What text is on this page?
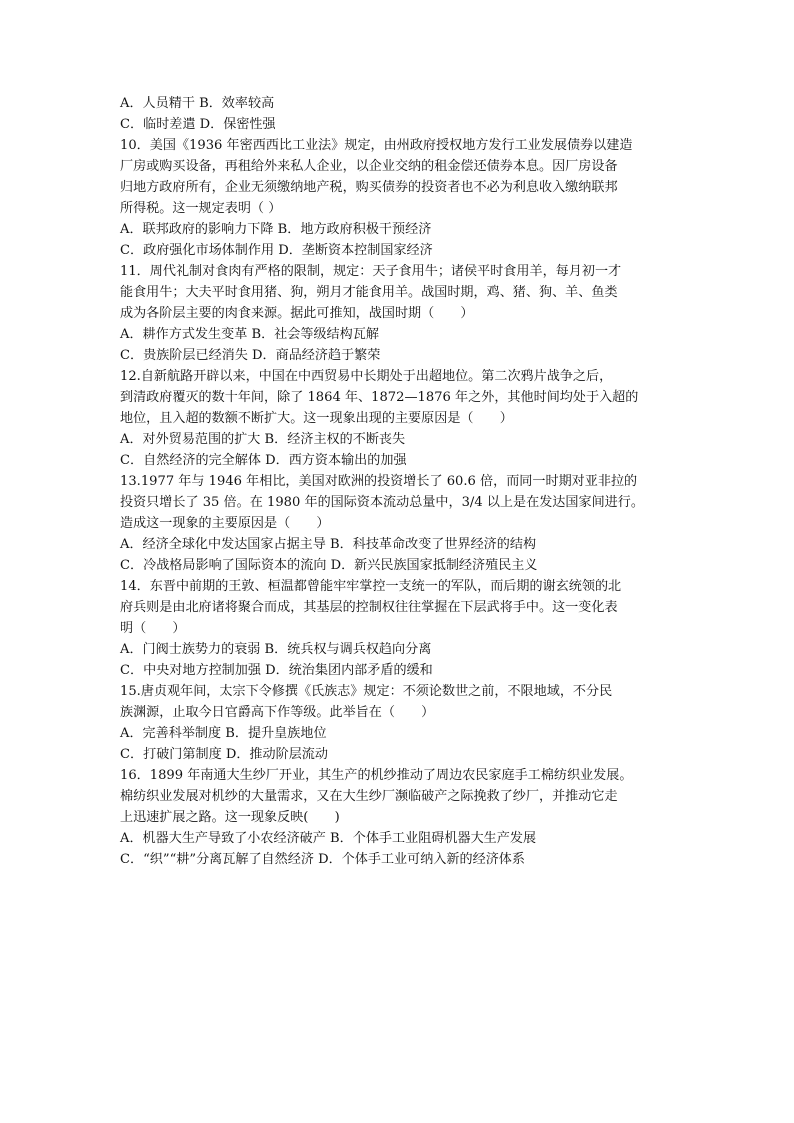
A．人员精干 B．效率较高
C．临时差遣 D．保密性强
10．美国《1936 年密西西比工业法》规定，由州政府授权地方发行工业发展债券以建造
厂房或购买设备，再租给外来私人企业，以企业交纳的租金偿还债券本息。因厂房设备
归地方政府所有，企业无须缴纳地产税，购买债券的投资者也不必为利息收入缴纳联邦
所得税。这一规定表明（ ）
A．联邦政府的影响力下降 B．地方政府积极干预经济
C．政府强化市场体制作用 D．垄断资本控制国家经济
11．周代礼制对食肉有严格的限制，规定：天子食用牛；诸侯平时食用羊，每月初一才
能食用牛；大夫平时食用猪、狗，朔月才能食用羊。战国时期，鸡、猪、狗、羊、鱼类
成为各阶层主要的肉食来源。据此可推知，战国时期（　　）
A．耕作方式发生变革 B．社会等级结构瓦解
C．贵族阶层已经消失 D．商品经济趋于繁荣
12.自新航路开辟以来，中国在中西贸易中长期处于出超地位。第二次鸦片战争之后，
到清政府覆灭的数十年间，除了 1864 年、1872—1876 年之外，其他时间均处于入超的
地位，且入超的数额不断扩大。这一现象出现的主要原因是（　　）
A．对外贸易范围的扩大 B．经济主权的不断丧失
C．自然经济的完全解体 D．西方资本输出的加强
13.1977 年与 1946 年相比，美国对欧洲的投资增长了 60.6 倍，而同一时期对亚非拉的
投资只增长了 35 倍。在 1980 年的国际资本流动总量中，3/4 以上是在发达国家间进行。
造成这一现象的主要原因是（　　）
A．经济全球化中发达国家占据主导 B．科技革命改变了世界经济的结构
C．冷战格局影响了国际资本的流向 D．新兴民族国家抵制经济殖民主义
14．东晋中前期的王敦、桓温都曾能牢牢掌控一支统一的军队，而后期的谢玄统领的北
府兵则是由北府诸将聚合而成，其基层的控制权往往掌握在下层武将手中。这一变化表
明（　　）
A．门阀士族势力的衰弱 B．统兵权与调兵权趋向分离
C．中央对地方控制加强 D．统治集团内部矛盾的缓和
15.唐贞观年间，太宗下令修撰《氏族志》规定：不须论数世之前，不限地域，不分民
族渊源，止取今日官爵高下作等级。此举旨在（　　）
A．完善科举制度 B．提升皇族地位
C．打破门第制度 D．推动阶层流动
16．1899 年南通大生纱厂开业，其生产的机纱推动了周边农民家庭手工棉纺织业发展。
棉纺织业发展对机纱的大量需求，又在大生纱厂濒临破产之际挽救了纱厂，并推动它走
上迅速扩展之路。这一现象反映(　　)
A．机器大生产导致了小农经济破产 B．个体手工业阻碍机器大生产发展
C．“织”“耕”分离瓦解了自然经济 D．个体手工业可纳入新的经济体系
